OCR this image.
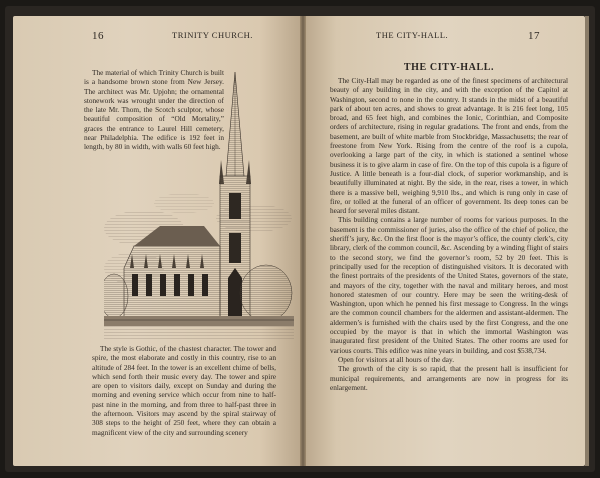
16	TRINITY CHURCH.

The material of which Trinity Church is built is a handsome brown stone from New Jersey. The architect was Mr. Upjohn; the ornamental stonework was wrought under the direction of the late Mr. Thom, the Scotch sculptor, whose beautiful composition of “Old Mortality,” graces the entrance to Laurel Hill cemetery, near Philadelphia. The edifice is 192 feet in length, by 80 in width, with walls 60 feet high.

The style is Gothic, of the chastest character. The tower and spire, the most elaborate and costly in this country, rise to an altitude of 284 feet. In the tower is an excellent chime of bells, which send forth their music every day. The tower and spire are open to visitors daily, except on Sunday and during the morning and evening service which occur from nine to half-past nine in the morning, and from three to half-past three in the afternoon. Visitors may ascend by the spiral stairway of 308 steps to the height of 250 feet, where they can obtain a magnificent view of the city and surrounding scenery

THE CITY-HALL.	17
THE CITY-HALL.

The City-Hall may be regarded as one of the finest specimens of architectural beauty of any building in the city, and with the exception of the Capitol at Washington, second to none in the country. It stands in the midst of a beautiful park of about ten acres, and shows to great advantage. It is 216 feet long, 105 broad, and 65 feet high, and combines the Ionic, Corinthian, and Composite orders of architecture, rising in regular gradations. The front and ends, from the basement, are built of white marble from Stockbridge, Massachusetts; the rear of freestone from New York. Rising from the centre of the roof is a cupola, overlooking a large part of the city, in which is stationed a sentinel whose business it is to give alarm in case of fire. On the top of this cupola is a figure of Justice. A little beneath is a four-dial clock, of superior workmanship, and is beautifully illuminated at night. By the side, in the rear, rises a tower, in which there is a massive bell, weighing 9,910 lbs., and which is rung only in case of fire, or tolled at the funeral of an officer of government. Its deep tones can be heard for several miles distant.

This building contains a large number of rooms for various purposes. In the basement is the commissioner of juries, also the office of the chief of police, the sheriff’s jury, &c. On the first floor is the mayor’s office, the county clerk’s, city library, clerk of the common council, &c. Ascending by a winding flight of stairs to the second story, we find the governor’s room, 52 by 20 feet. This is principally used for the reception of distinguished visitors. It is decorated with the finest portraits of the presidents of the United States, governors of the state, and mayors of the city, together with the naval and military heroes, and most honored statesmen of our country. Here may be seen the writing-desk of Washington, upon which he penned his first message to Congress. In the wings are the common council chambers for the aldermen and assistant-aldermen. The aldermen’s is furnished with the chairs used by the first Congress, and the one occupied by the mayor is that in which the immortal Washington was inaugurated first president of the United States. The other rooms are used for various courts. This edifice was nine years in building, and cost $538,734.

Open for visitors at all hours of the day.

The growth of the city is so rapid, that the present hall is insufficient for municipal requirements, and arrangements are now in progress for its enlargement.
